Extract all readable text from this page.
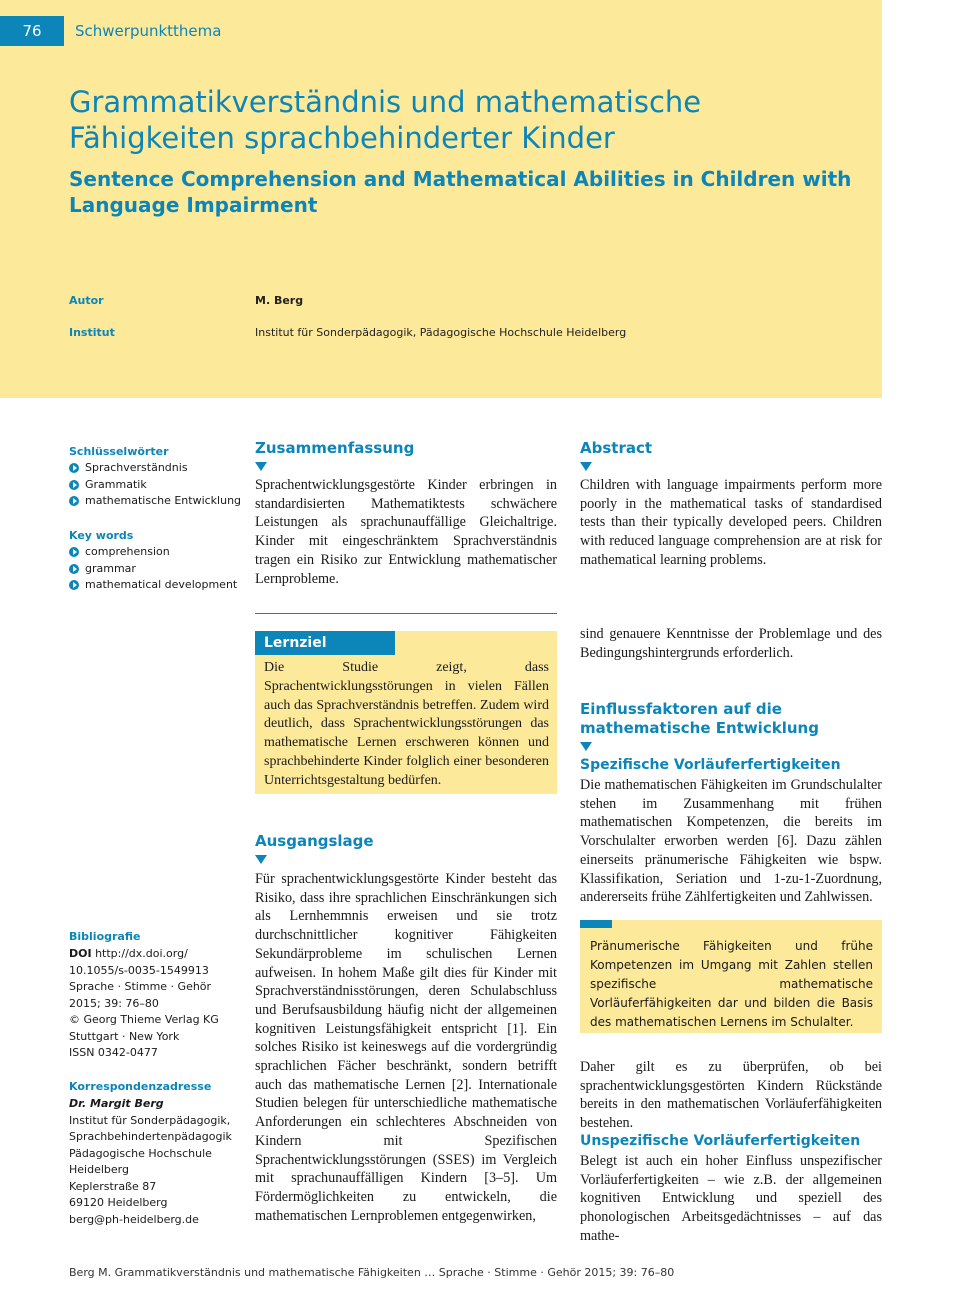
76	Schwerpunktthema
Grammatikverständnis und mathematische Fähigkeiten sprachbehinderter Kinder
Sentence Comprehension and Mathematical Abilities in Children with Language Impairment
Autor	M. Berg
Institut	Institut für Sonderpädagogik, Pädagogische Hochschule Heidelberg
Schlüsselwörter
Sprachverständnis
Grammatik
mathematische Entwicklung
Key words
comprehension
grammar
mathematical development
Bibliografie
DOI http://dx.doi.org/
10.1055/s-0035-1549913
Sprache · Stimme · Gehör
2015; 39: 76–80
© Georg Thieme Verlag KG
Stuttgart · New York
ISSN 0342-0477
Korrespondenzadresse
Dr. Margit Berg
Institut für Sonderpädagogik,
Sprachbehindertenpädagogik
Pädagogische Hochschule
Heidelberg
Keplerstraße 87
69120 Heidelberg
berg@ph-heidelberg.de
Zusammenfassung

Sprachentwicklungsgestörte Kinder erbringen in standardisierten Mathematiktests schwächere Leistungen als sprachunauffällige Gleichaltrige. Kinder mit eingeschränktem Sprachverständnis tragen ein Risiko zur Entwicklung mathematischer Lernprobleme.

Abstract

Children with language impairments perform more poorly in the mathematical tasks of standardised tests than their typically developed peers. Children with reduced language comprehension are at risk for mathematical learning problems.

Lernziel

Die Studie zeigt, dass Sprachentwicklungsstörungen in vielen Fällen auch das Sprachverständnis betreffen. Zudem wird deutlich, dass Sprachentwicklungsstörungen das mathematische Lernen erschweren können und sprachbehinderte Kinder folglich einer besonderen Unterrichtsgestaltung bedürfen.

Ausgangslage

Für sprachentwicklungsgestörte Kinder besteht das Risiko, dass ihre sprachlichen Einschränkungen sich als Lernhemmnis erweisen und sie trotz durchschnittlicher kognitiver Fähigkeiten Sekundärprobleme im schulischen Lernen aufweisen. In hohem Maße gilt dies für Kinder mit Sprachverständnisstörungen, deren Schulabschluss und Berufsausbildung häufig nicht der allgemeinen kognitiven Leistungsfähigkeit entspricht [1]. Ein solches Risiko ist keineswegs auf die vordergründig sprachlichen Fächer beschränkt, sondern betrifft auch das mathematische Lernen [2]. Internationale Studien belegen für unterschiedliche mathematische Anforderungen ein schlechteres Abschneiden von Kindern mit Spezifischen Sprachentwicklungsstörungen (SSES) im Vergleich mit sprachunauffälligen Kindern [3–5]. Um Fördermöglichkeiten zu entwickeln, die mathematischen Lernproblemen entgegenwirken,

sind genauere Kenntnisse der Problemlage und des Bedingungshintergrunds erforderlich.

Einflussfaktoren auf die mathematische Entwicklung
Spezifische Vorläuferfertigkeiten

Die mathematischen Fähigkeiten im Grundschulalter stehen im Zusammenhang mit frühen mathematischen Kompetenzen, die bereits im Vorschulalter erworben werden [6]. Dazu zählen einerseits pränumerische Fähigkeiten wie bspw. Klassifikation, Seriation und 1-zu-1-Zuordnung, andererseits frühe Zählfertigkeiten und Zahlwissen.

Pränumerische Fähigkeiten und frühe Kompetenzen im Umgang mit Zahlen stellen spezifische mathematische Vorläuferfähigkeiten dar und bilden die Basis des mathematischen Lernens im Schulalter.

Daher gilt es zu überprüfen, ob bei sprachentwicklungsgestörten Kindern Rückstände bereits in den mathematischen Vorläuferfähigkeiten bestehen.

Unspezifische Vorläuferfertigkeiten

Belegt ist auch ein hoher Einfluss unspezifischer Vorläuferfertigkeiten – wie z.B. der allgemeinen kognitiven Entwicklung und speziell des phonologischen Arbeitsgedächtnisses – auf das mathe-

Berg M. Grammatikverständnis und mathematische Fähigkeiten … Sprache · Stimme · Gehör 2015; 39: 76–80
